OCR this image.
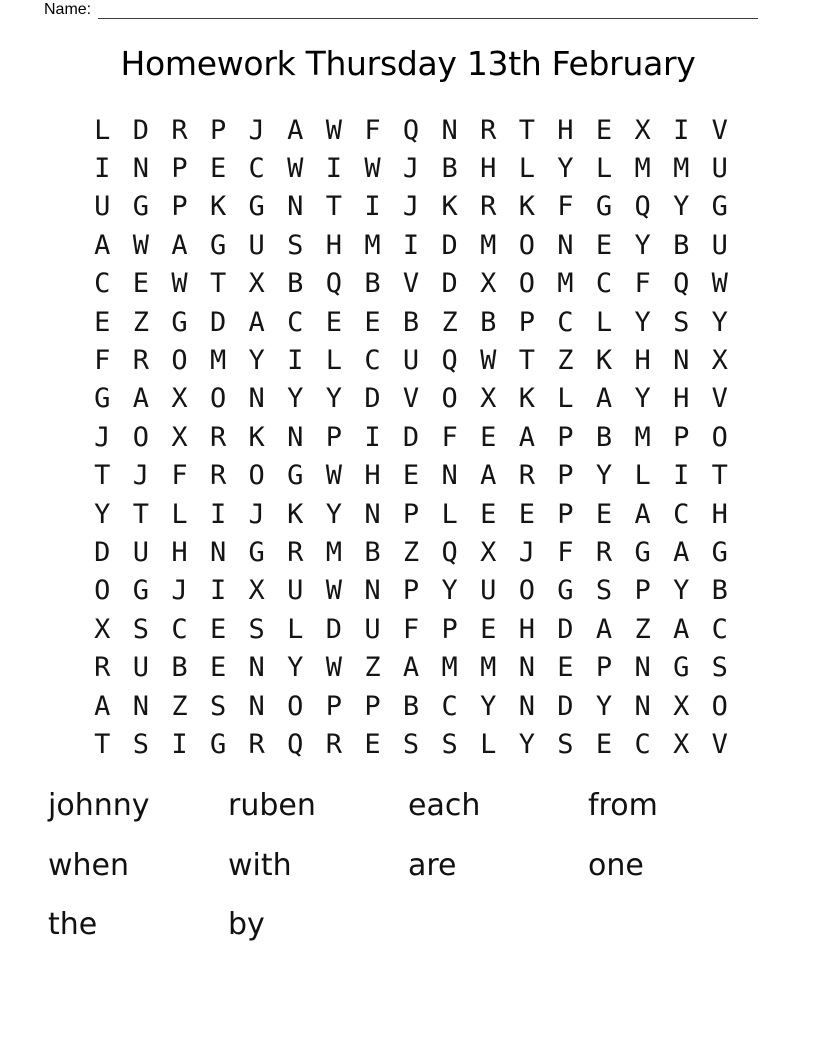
Name:
Homework Thursday 13th February
L D R P J A W F Q N R T H E X I V
I N P E C W I W J B H L Y L M M U
U G P K G N T I J K R K F G Q Y G
A W A G U S H M I D M O N E Y B U
C E W T X B Q B V D X O M C F Q W
E Z G D A C E E B Z B P C L Y S Y
F R O M Y I L C U Q W T Z K H N X
G A X O N Y Y D V O X K L A Y H V
J O X R K N P I D F E A P B M P O
T J F R O G W H E N A R P Y L I T
Y T L I J K Y N P L E E P E A C H
D U H N G R M B Z Q X J F R G A G
O G J I X U W N P Y U O G S P Y B
X S C E S L D U F P E H D A Z A C
R U B E N Y W Z A M M N E P N G S
A N Z S N O P P B C Y N D Y N X O
T S I G R Q R E S S L Y S E C X V
johnny	ruben	each	from
when	with	are	one
the	by
